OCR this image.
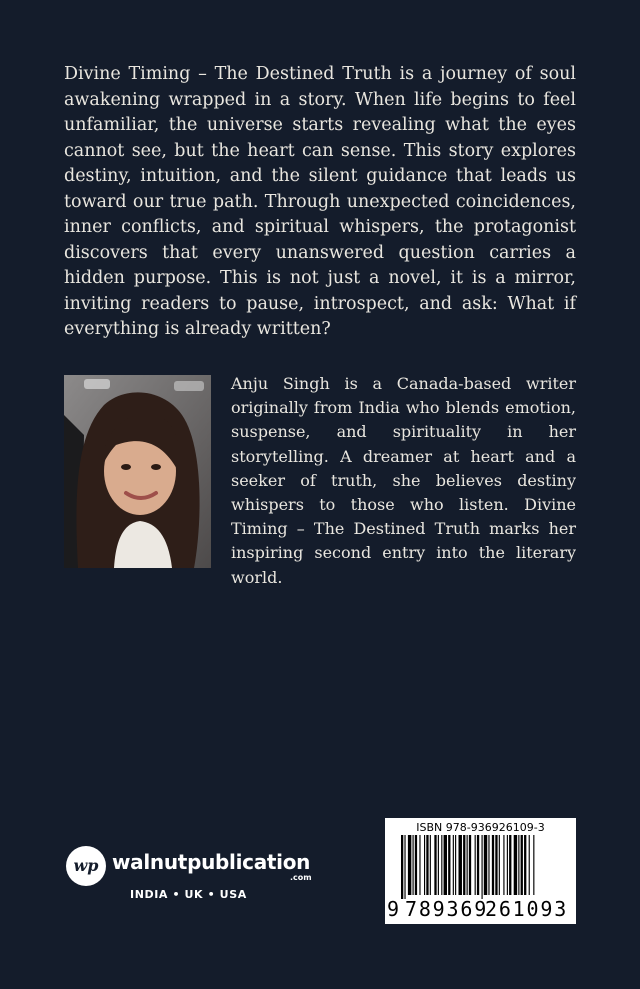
Divine Timing – The Destined Truth is a journey of soul awakening wrapped in a story. When life begins to feel unfamiliar, the universe starts revealing what the eyes cannot see, but the heart can sense. This story explores destiny, intuition, and the silent guidance that leads us toward our true path. Through unexpected coincidences, inner conflicts, and spiritual whispers, the protagonist discovers that every unanswered question carries a hidden purpose. This is not just a novel, it is a mirror, inviting readers to pause, introspect, and ask: What if everything is already written?

Anju Singh is a Canada-based writer originally from India who blends emotion, suspense, and spirituality in her storytelling. A dreamer at heart and a seeker of truth, she believes destiny whispers to those who listen. Divine Timing – The Destined Truth marks her inspiring second entry into the literary world.

wp walnutpublication
.com
INDIA • UK • USA
ISBN 978-936926109-3
9 789369
261093
